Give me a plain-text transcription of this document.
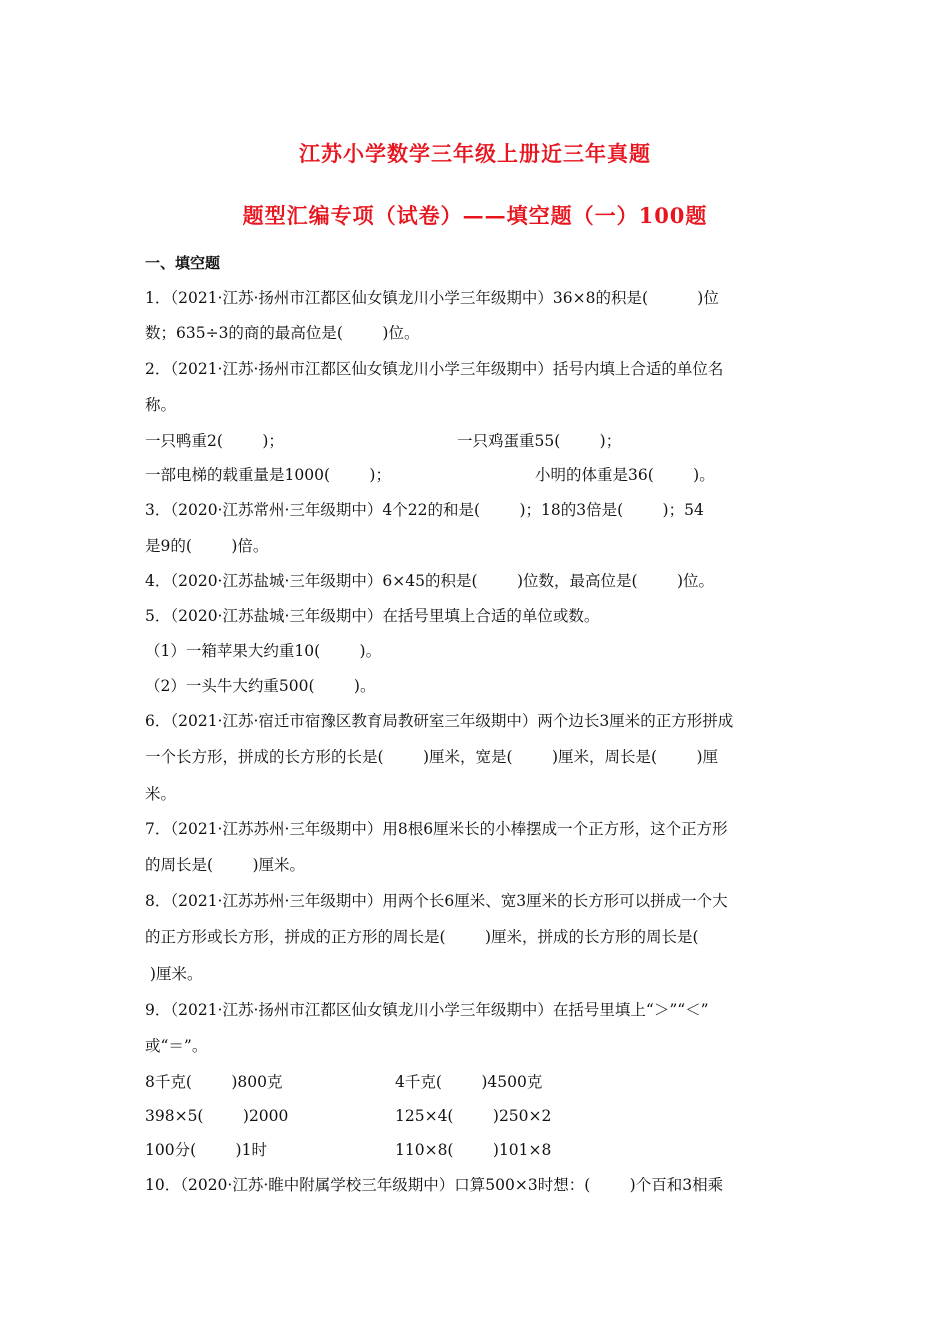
江苏小学数学三年级上册近三年真题
题型汇编专项（试卷）——填空题（一）100题
一、填空题
1．（2021·江苏·扬州市江都区仙女镇龙川小学三年级期中）36×8的积是(          )位
数；635÷3的商的最高位是(        )位。
2．（2021·江苏·扬州市江都区仙女镇龙川小学三年级期中）括号内填上合适的单位名
称。
一只鸭重2(        )；	一只鸡蛋重55(        )；
一部电梯的载重量是1000(        )；	小明的体重是36(        )。
3．（2020·江苏常州·三年级期中）4个22的和是(        )；18的3倍是(        )；54
是9的(        )倍。
4．（2020·江苏盐城·三年级期中）6×45的积是(        )位数，最高位是(        )位。
5．（2020·江苏盐城·三年级期中）在括号里填上合适的单位或数。
（1）一箱苹果大约重10(        )。
（2）一头牛大约重500(        )。
6．（2021·江苏·宿迁市宿豫区教育局教研室三年级期中）两个边长3厘米的正方形拼成
一个长方形，拼成的长方形的长是(        )厘米，宽是(        )厘米，周长是(        )厘
米。
7．（2021·江苏苏州·三年级期中）用8根6厘米长的小棒摆成一个正方形，这个正方形
的周长是(        )厘米。
8．（2021·江苏苏州·三年级期中）用两个长6厘米、宽3厘米的长方形可以拼成一个大
的正方形或长方形，拼成的正方形的周长是(        )厘米，拼成的长方形的周长是(
)厘米。
9．（2021·江苏·扬州市江都区仙女镇龙川小学三年级期中）在括号里填上“＞”“＜”
或“＝”。
8千克(        )800克	4千克(        )4500克
398×5(        )2000	125×4(        )250×2
100分(        )1时	110×8(        )101×8
10．（2020·江苏·睢中附属学校三年级期中）口算500×3时想：(        )个百和3相乘
